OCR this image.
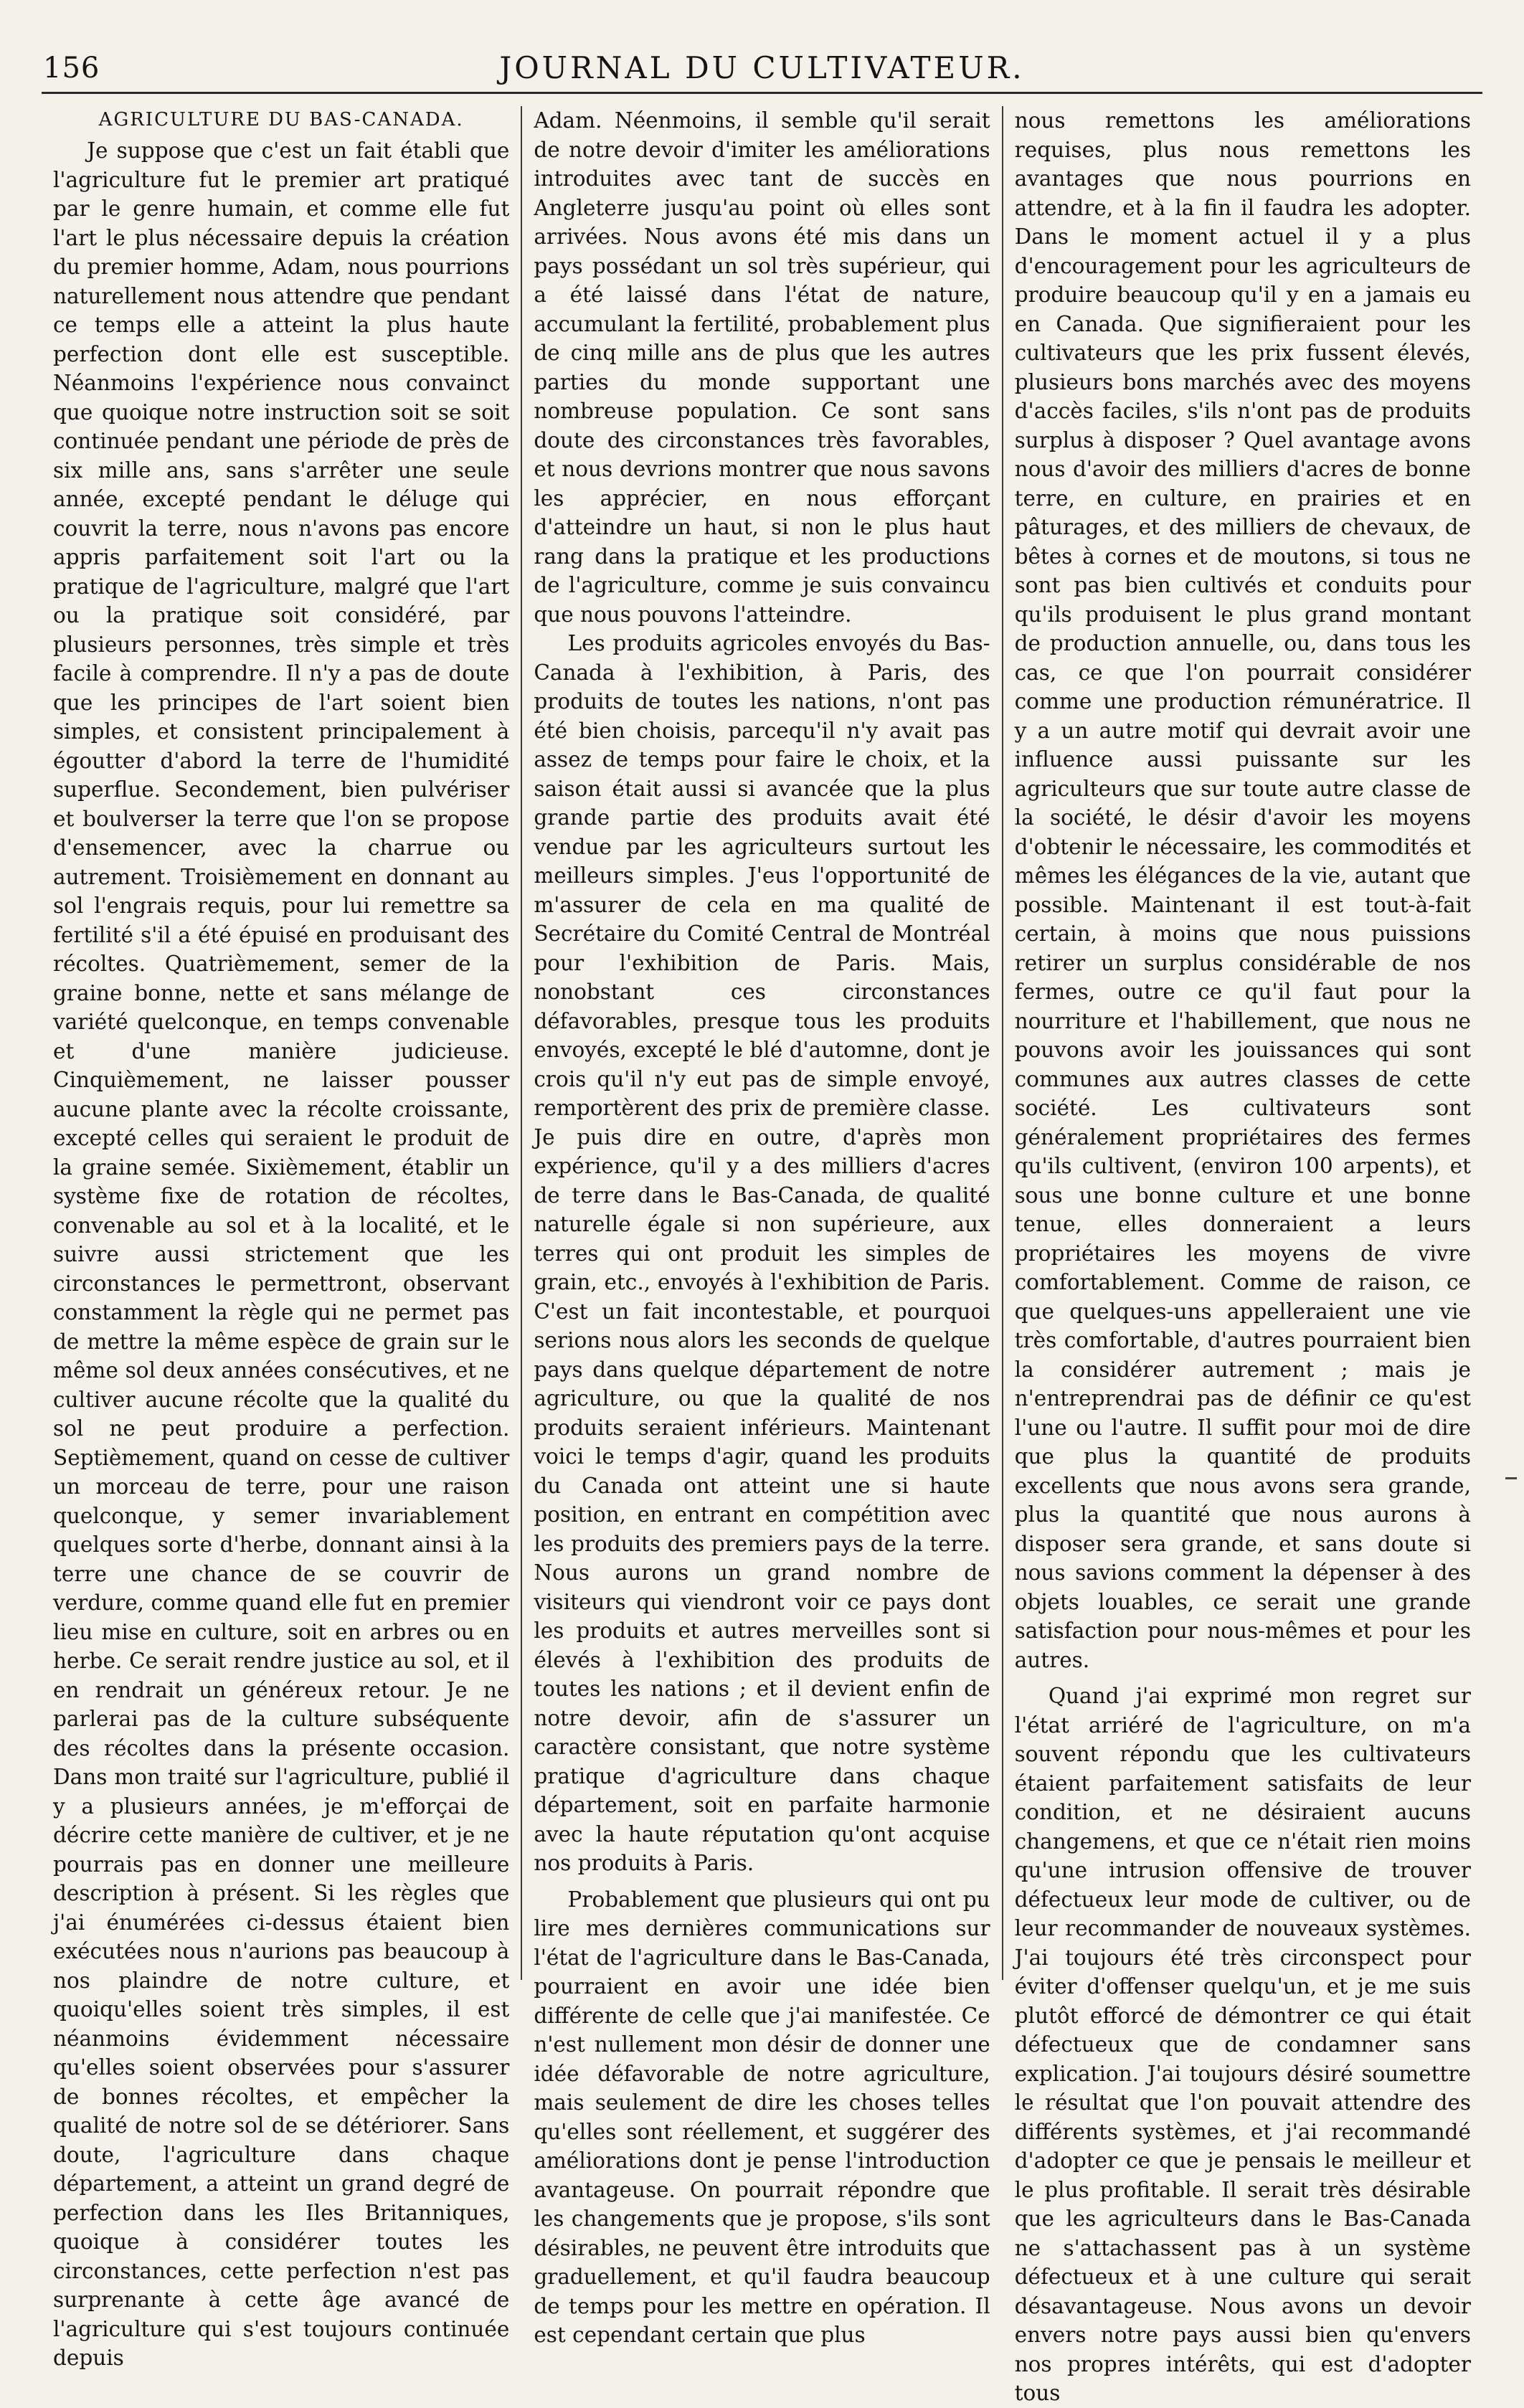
156	JOURNAL DU CULTIVATEUR.
AGRICULTURE DU BAS-CANADA.

Je suppose que c'est un fait établi que l'agriculture fut le premier art pratiqué par le genre humain, et comme elle fut l'art le plus nécessaire depuis la création du premier homme, Adam, nous pourrions naturellement nous attendre que pendant ce temps elle a atteint la plus haute perfection dont elle est susceptible. Néanmoins l'expérience nous convainct que quoique notre instruction soit se soit continuée pendant une période de près de six mille ans, sans s'arrêter une seule année, excepté pendant le déluge qui couvrit la terre, nous n'avons pas encore appris parfaitement soit l'art ou la pratique de l'agriculture, malgré que l'art ou la pratique soit considéré, par plusieurs personnes, très simple et très facile à comprendre. Il n'y a pas de doute que les principes de l'art soient bien simples, et consistent principalement à égoutter d'abord la terre de l'humidité superflue. Secondement, bien pulvériser et boulverser la terre que l'on se propose d'ensemencer, avec la charrue ou autrement. Troisièmement en donnant au sol l'engrais requis, pour lui remettre sa fertilité s'il a été épuisé en produisant des récoltes. Quatrièmement, semer de la graine bonne, nette et sans mélange de variété quelconque, en temps convenable et d'une manière judicieuse. Cinquièmement, ne laisser pousser aucune plante avec la récolte croissante, excepté celles qui seraient le produit de la graine semée. Sixièmement, établir un système fixe de rotation de récoltes, convenable au sol et à la localité, et le suivre aussi strictement que les circonstances le permettront, observant constamment la règle qui ne permet pas de mettre la même espèce de grain sur le même sol deux années consécutives, et ne cultiver aucune récolte que la qualité du sol ne peut produire a perfection. Septièmement, quand on cesse de cultiver un morceau de terre, pour une raison quelconque, y semer invariablement quelques sorte d'herbe, donnant ainsi à la terre une chance de se couvrir de verdure, comme quand elle fut en premier lieu mise en culture, soit en arbres ou en herbe. Ce serait rendre justice au sol, et il en rendrait un généreux retour. Je ne parlerai pas de la culture subséquente des récoltes dans la présente occasion. Dans mon traité sur l'agriculture, publié il y a plusieurs années, je m'efforçai de décrire cette manière de cultiver, et je ne pourrais pas en donner une meilleure description à présent. Si les règles que j'ai énumérées ci-dessus étaient bien exécutées nous n'aurions pas beaucoup à nos plaindre de notre culture, et quoiqu'elles soient très simples, il est néanmoins évidemment nécessaire qu'elles soient observées pour s'assurer de bonnes récoltes, et empêcher la qualité de notre sol de se détériorer. Sans doute, l'agriculture dans chaque département, a atteint un grand degré de perfection dans les Iles Britanniques, quoique à considérer toutes les circonstances, cette perfection n'est pas surprenante à cette âge avancé de l'agriculture qui s'est toujours continuée depuis

Adam. Néenmoins, il semble qu'il serait de notre devoir d'imiter les améliorations introduites avec tant de succès en Angleterre jusqu'au point où elles sont arrivées. Nous avons été mis dans un pays possédant un sol très supérieur, qui a été laissé dans l'état de nature, accumulant la fertilité, probablement plus de cinq mille ans de plus que les autres parties du monde supportant une nombreuse population. Ce sont sans doute des circonstances très favorables, et nous devrions montrer que nous savons les apprécier, en nous efforçant d'atteindre un haut, si non le plus haut rang dans la pratique et les productions de l'agriculture, comme je suis convaincu que nous pouvons l'atteindre.

Les produits agricoles envoyés du Bas-Canada à l'exhibition, à Paris, des produits de toutes les nations, n'ont pas été bien choisis, parcequ'il n'y avait pas assez de temps pour faire le choix, et la saison était aussi si avancée que la plus grande partie des produits avait été vendue par les agriculteurs surtout les meilleurs simples. J'eus l'opportunité de m'assurer de cela en ma qualité de Secrétaire du Comité Central de Montréal pour l'exhibition de Paris. Mais, nonobstant ces circonstances défavorables, presque tous les produits envoyés, excepté le blé d'automne, dont je crois qu'il n'y eut pas de simple envoyé, remportèrent des prix de première classe. Je puis dire en outre, d'après mon expérience, qu'il y a des milliers d'acres de terre dans le Bas-Canada, de qualité naturelle égale si non supérieure, aux terres qui ont produit les simples de grain, etc., envoyés à l'exhibition de Paris. C'est un fait incontestable, et pourquoi serions nous alors les seconds de quelque pays dans quelque département de notre agriculture, ou que la qualité de nos produits seraient inférieurs. Maintenant voici le temps d'agir, quand les produits du Canada ont atteint une si haute position, en entrant en compétition avec les produits des premiers pays de la terre. Nous aurons un grand nombre de visiteurs qui viendront voir ce pays dont les produits et autres merveilles sont si élevés à l'exhibition des produits de toutes les nations ; et il devient enfin de notre devoir, afin de s'assurer un caractère consistant, que notre système pratique d'agriculture dans chaque département, soit en parfaite harmonie avec la haute réputation qu'ont acquise nos produits à Paris.

Probablement que plusieurs qui ont pu lire mes dernières communications sur l'état de l'agriculture dans le Bas-Canada, pourraient en avoir une idée bien différente de celle que j'ai manifestée. Ce n'est nullement mon désir de donner une idée défavorable de notre agriculture, mais seulement de dire les choses telles qu'elles sont réellement, et suggérer des améliorations dont je pense l'introduction avantageuse. On pourrait répondre que les changements que je propose, s'ils sont désirables, ne peuvent être introduits que graduellement, et qu'il faudra beaucoup de temps pour les mettre en opération. Il est cependant certain que plus

nous remettons les améliorations requises, plus nous remettons les avantages que nous pourrions en attendre, et à la fin il faudra les adopter. Dans le moment actuel il y a plus d'encouragement pour les agriculteurs de produire beaucoup qu'il y en a jamais eu en Canada. Que signifieraient pour les cultivateurs que les prix fussent élevés, plusieurs bons marchés avec des moyens d'accès faciles, s'ils n'ont pas de produits surplus à disposer ? Quel avantage avons nous d'avoir des milliers d'acres de bonne terre, en culture, en prairies et en pâturages, et des milliers de chevaux, de bêtes à cornes et de moutons, si tous ne sont pas bien cultivés et conduits pour qu'ils produisent le plus grand montant de production annuelle, ou, dans tous les cas, ce que l'on pourrait considérer comme une production rémunératrice. Il y a un autre motif qui devrait avoir une influence aussi puissante sur les agriculteurs que sur toute autre classe de la société, le désir d'avoir les moyens d'obtenir le nécessaire, les commodités et mêmes les élégances de la vie, autant que possible. Maintenant il est tout-à-fait certain, à moins que nous puissions retirer un surplus considérable de nos fermes, outre ce qu'il faut pour la nourriture et l'habillement, que nous ne pouvons avoir les jouissances qui sont communes aux autres classes de cette société. Les cultivateurs sont généralement propriétaires des fermes qu'ils cultivent, (environ 100 arpents), et sous une bonne culture et une bonne tenue, elles donneraient a leurs propriétaires les moyens de vivre comfortablement. Comme de raison, ce que quelques-uns appelleraient une vie très comfortable, d'autres pourraient bien la considérer autrement ; mais je n'entreprendrai pas de définir ce qu'est l'une ou l'autre. Il suffit pour moi de dire que plus la quantité de produits excellents que nous avons sera grande, plus la quantité que nous aurons à disposer sera grande, et sans doute si nous savions comment la dépenser à des objets louables, ce serait une grande satisfaction pour nous-mêmes et pour les autres.

Quand j'ai exprimé mon regret sur l'état arriéré de l'agriculture, on m'a souvent répondu que les cultivateurs étaient parfaitement satisfaits de leur condition, et ne désiraient aucuns changemens, et que ce n'était rien moins qu'une intrusion offensive de trouver défectueux leur mode de cultiver, ou de leur recommander de nouveaux systèmes. J'ai toujours été très circonspect pour éviter d'offenser quelqu'un, et je me suis plutôt efforcé de démontrer ce qui était défectueux que de condamner sans explication. J'ai toujours désiré soumettre le résultat que l'on pouvait attendre des différents systèmes, et j'ai recommandé d'adopter ce que je pensais le meilleur et le plus profitable. Il serait très désirable que les agriculteurs dans le Bas-Canada ne s'attachassent pas à un système défectueux et à une culture qui serait désavantageuse. Nous avons un devoir envers notre pays aussi bien qu'envers nos propres intérêts, qui est d'adopter tous
